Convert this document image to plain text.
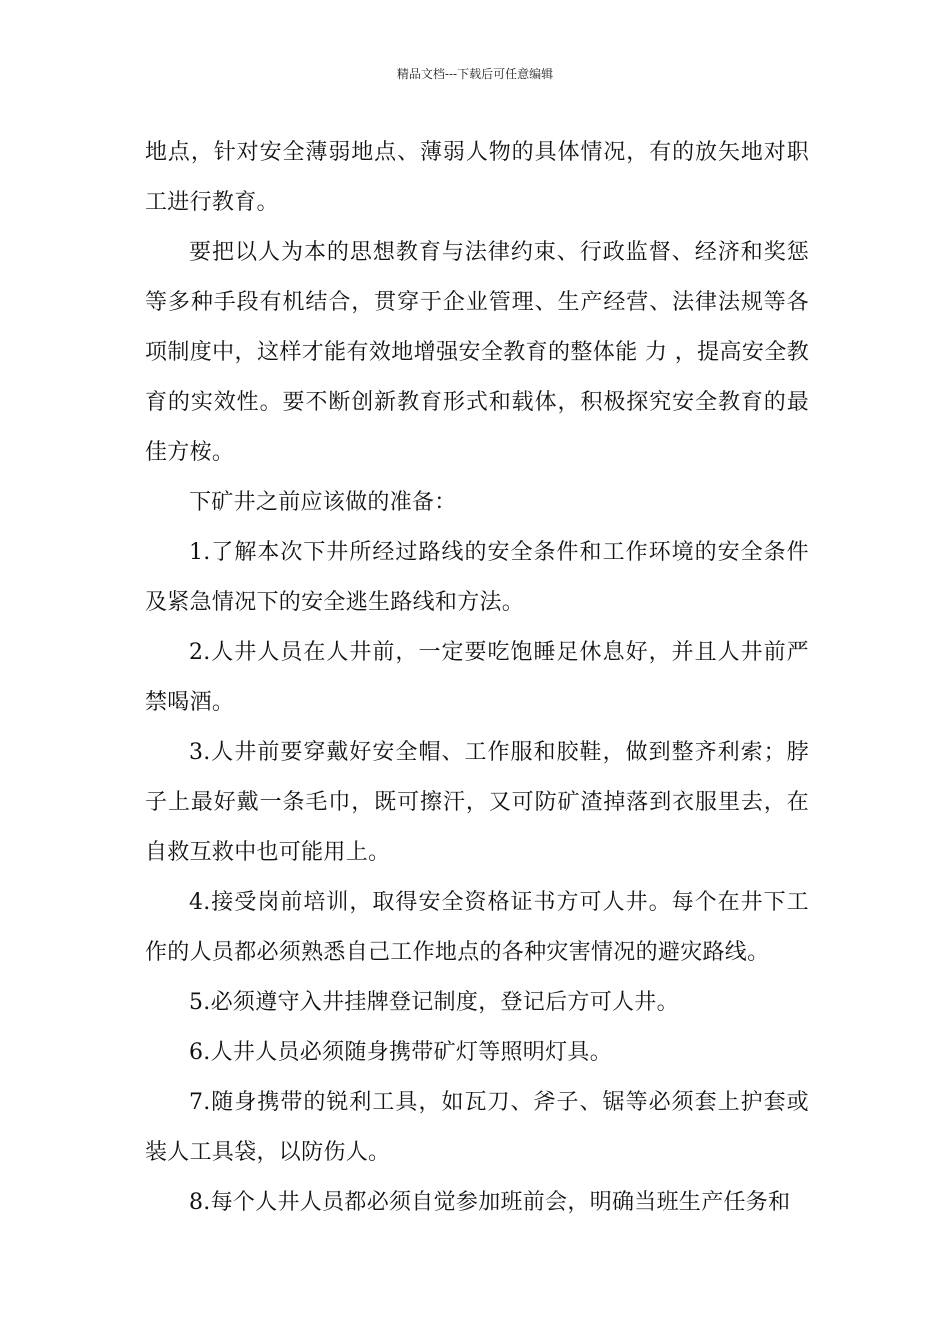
精品文档---下载后可任意编辑

地点，针对安全薄弱地点、薄弱人物的具体情况，有的放矢地对职工进行教育。

要把以人为本的思想教育与法律约束、行政监督、经济和奖惩等多种手段有机结合，贯穿于企业管理、生产经营、法律法规等各项制度中，这样才能有效地增强安全教育的整体能 力 ，提高安全教育的实效性。要不断创新教育形式和载体，积极探究安全教育的最佳方桉。

下矿井之前应该做的准备：

1.了解本次下井所经过路线的安全条件和工作环境的安全条件及紧急情况下的安全逃生路线和方法。

2.人井人员在人井前，一定要吃饱睡足休息好，并且人井前严禁喝酒。

3.人井前要穿戴好安全帽、工作服和胶鞋，做到整齐利索；脖子上最好戴一条毛巾，既可擦汗，又可防矿渣掉落到衣服里去，在自救互救中也可能用上。

4.接受岗前培训，取得安全资格证书方可人井。每个在井下工作的人员都必须熟悉自己工作地点的各种灾害情况的避灾路线。

5.必须遵守入井挂牌登记制度，登记后方可人井。

6.人井人员必须随身携带矿灯等照明灯具。

7.随身携带的锐利工具，如瓦刀、斧子、锯等必须套上护套或装人工具袋，以防伤人。

8.每个人井人员都必须自觉参加班前会，明确当班生产任务和
